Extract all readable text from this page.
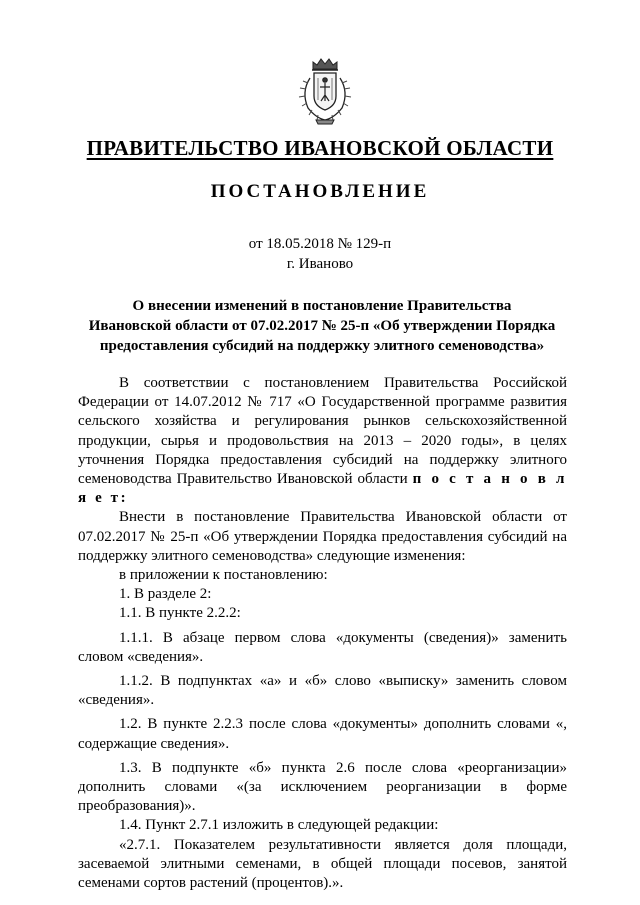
ПРАВИТЕЛЬСТВО ИВАНОВСКОЙ ОБЛАСТИ
ПОСТАНОВЛЕНИЕ
от 18.05.2018 № 129-п
г. Иваново
О внесении изменений в постановление Правительства
Ивановской области от 07.02.2017 № 25-п «Об утверждении Порядка
предоставления субсидий на поддержку элитного семеноводства»

В соответствии с постановлением Правительства Российской Федерации от 14.07.2012 № 717 «О Государственной программе развития сельского хозяйства и регулирования рынков сельскохозяйственной продукции, сырья и продовольствия на 2013 – 2020 годы», в целях уточнения Порядка предоставления субсидий на поддержку элитного семеноводства Правительство Ивановской области п о с т а н о в л я е т:

Внести в постановление Правительства Ивановской области от 07.02.2017 № 25-п «Об утверждении Порядка предоставления субсидий на поддержку элитного семеноводства» следующие изменения:

в приложении к постановлению:

1. В разделе 2:

1.1. В пункте 2.2.2:

1.1.1. В абзаце первом слова «документы (сведения)» заменить словом «сведения».

1.1.2. В подпунктах «а» и «б» слово «выписку» заменить словом «сведения».

1.2. В пункте 2.2.3 после слова «документы» дополнить словами «, содержащие сведения».

1.3. В подпункте «б» пункта 2.6 после слова «реорганизации» дополнить словами «(за исключением реорганизации в форме преобразования)».

1.4. Пункт 2.7.1 изложить в следующей редакции:

«2.7.1. Показателем результативности является доля площади, засеваемой элитными семенами, в общей площади посевов, занятой семенами сортов растений (процентов).».
